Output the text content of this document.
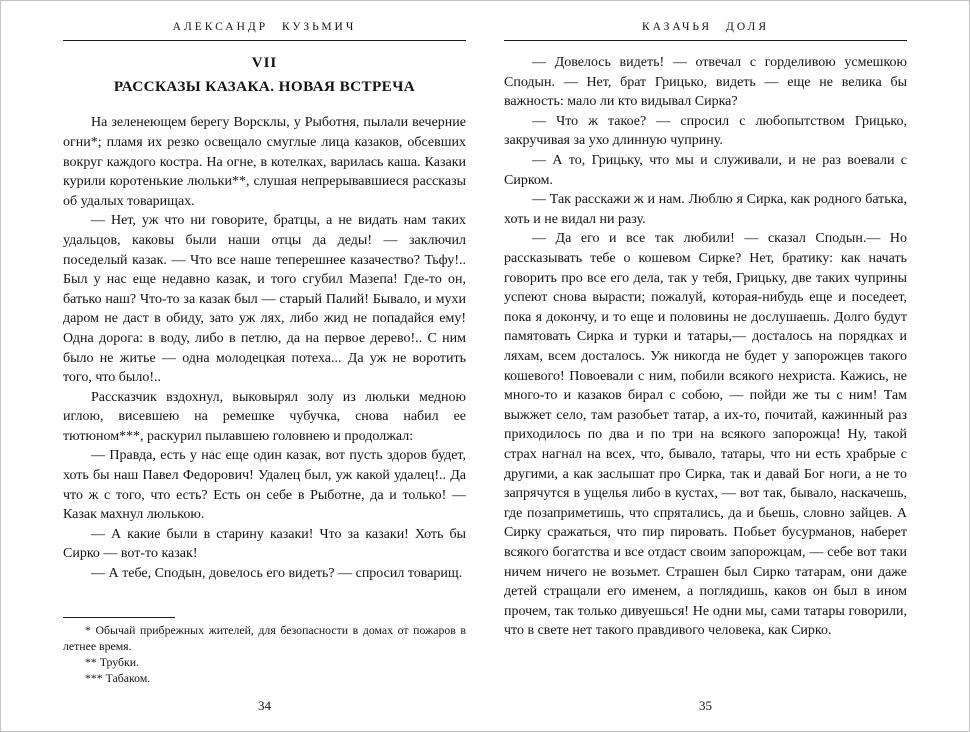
АЛЕКСАНДР КУЗЬМИЧ
VII
РАССКАЗЫ КАЗАКА. НОВАЯ ВСТРЕЧА

На зеленеющем берегу Ворсклы, у Рыботня, пылали вечерние огни*; пламя их резко освещало смуглые лица казаков, обсевших вокруг каждого костра. На огне, в котелках, варилась каша. Казаки курили коротенькие люльки**, слушая непрерывавшиеся рассказы об удалых товарищах.

— Нет, уж что ни говорите, братцы, а не видать нам таких удальцов, каковы были наши отцы да деды! — заключил поседелый казак. — Что все наше теперешнее казачество? Тьфу!.. Был у нас еще недавно казак, и того сгубил Мазепа! Где-то он, батько наш? Что-то за казак был — старый Палий! Бывало, и мухи даром не даст в обиду, зато уж лях, либо жид не попадайся ему! Одна дорога: в воду, либо в петлю, да на первое дерево!.. С ним было не житье — одна молодецкая потеха... Да уж не воротить того, что было!..

Рассказчик вздохнул, выковырял золу из люльки медною иглою, висевшею на ремешке чубучка, снова набил ее тютюном***, раскурил пылавшею головнею и продолжал:

— Правда, есть у нас еще один казак, вот пусть здоров будет, хоть бы наш Павел Федорович! Удалец был, уж какой удалец!.. Да что ж с того, что есть? Есть он себе в Рыботне, да и только! — Казак махнул люлькою.

— А какие были в старину казаки! Что за казаки! Хоть бы Сирко — вот-то казак!

— А тебе, Сподын, довелось его видеть? — спросил товарищ.

* Обычай прибрежных жителей, для безопасности в домах от пожаров в летнее время.

** Трубки.

*** Табаком.

34
КАЗАЧЬЯ ДОЛЯ

— Довелось видеть! — отвечал с горделивою усмешкою Сподын. — Нет, брат Грицько, видеть — еще не велика бы важность: мало ли кто видывал Сирка?

— Что ж такое? — спросил с любопытством Грицько, закручивая за ухо длинную чуприну.

— А то, Грицьку, что мы и служивали, и не раз воевали с Сирком.

— Так расскажи ж и нам. Люблю я Сирка, как родного батька, хоть и не видал ни разу.

— Да его и все так любили! — сказал Сподын.— Но рассказывать тебе о кошевом Сирке? Нет, братику: как начать говорить про все его дела, так у тебя, Грицьку, две таких чуприны успеют снова вырасти; пожалуй, которая-нибудь еще и поседеет, пока я докончу, и то еще и половины не дослушаешь. Долго будут памятовать Сирка и турки и татары,— досталось на порядках и ляхам, всем досталось. Уж никогда не будет у запорожцев такого кошевого! Повоевали с ним, побили всякого нехриста. Кажись, не много-то и казаков бирал с собою, — пойди же ты с ним! Там выжжет село, там разобьет татар, а их-то, почитай, кажинный раз приходилось по два и по три на всякого запорожца! Ну, такой страх нагнал на всех, что, бывало, татары, что ни есть храбрые с другими, а как заслышат про Сирка, так и давай Бог ноги, а не то запрячутся в ущелья либо в кустах, — вот так, бывало, наскачешь, где позаприметишь, что спрятались, да и бьешь, словно зайцев. А Сирку сражаться, что пир пировать. Побьет бусурманов, наберет всякого богатства и все отдаст своим запорожцам, — себе вот таки ничем ничего не возьмет. Страшен был Сирко татарам, они даже детей стращали его именем, а поглядишь, каков он был в ином прочем, так только дивуешься! Не одни мы, сами татары говорили, что в свете нет такого правдивого человека, как Сирко.

35
